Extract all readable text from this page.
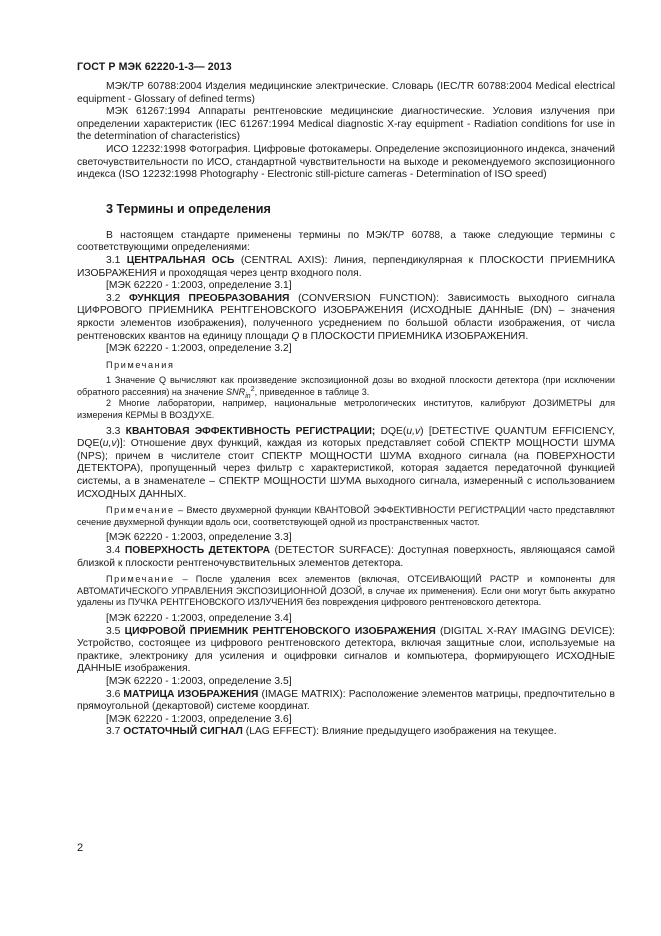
ГОСТ Р МЭК 62220-1-3— 2013

МЭК/ТР 60788:2004 Изделия медицинские электрические. Словарь (IEC/TR 60788:2004 Medical electrical equipment - Glossary of defined terms)

МЭК 61267:1994 Аппараты рентгеновские медицинские диагностические. Условия излучения при определении характеристик (IEC 61267:1994 Medical diagnostic X-ray equipment - Radiation conditions for use in the determination of characteristics)

ИСО 12232:1998 Фотография. Цифровые фотокамеры. Определение экспозиционного индекса, значений светочувствительности по ИСО, стандартной чувствительности на выходе и рекомендуемого экспозиционного индекса (ISO 12232:1998 Photography - Electronic still-picture cameras - Determination of ISO speed)

3 Термины и определения

В настоящем стандарте применены термины по МЭК/ТР 60788, а также следующие термины с соответствующими определениями:

3.1 ЦЕНТРАЛЬНАЯ ОСЬ (CENTRAL AXIS): Линия, перпендикулярная к ПЛОСКОСТИ ПРИЕМНИКА ИЗОБРАЖЕНИЯ и проходящая через центр входного поля.

[МЭК 62220 - 1:2003, определение 3.1]

3.2 ФУНКЦИЯ ПРЕОБРАЗОВАНИЯ (CONVERSION FUNCTION): Зависимость выходного сигнала ЦИФРОВОГО ПРИЕМНИКА РЕНТГЕНОВСКОГО ИЗОБРАЖЕНИЯ (ИСХОДНЫЕ ДАННЫЕ (DN) – значения яркости элементов изображения), полученного усреднением по большой области изображения, от числа рентгеновских квантов на единицу площади Q в ПЛОСКОСТИ ПРИЕМНИКА ИЗОБРАЖЕНИЯ.

[МЭК 62220 - 1:2003, определение 3.2]

Примечания

1 Значение Q вычисляют как произведение экспозиционной дозы во входной плоскости детектора (при исключении обратного рассеяния) на значение $SNR_{in}^2$, приведенное в таблице 3.

2 Многие лаборатории, например, национальные метрологических институтов, калибруют ДОЗИМЕТРЫ для измерения КЕРМЫ В ВОЗДУХЕ.

3.3 КВАНТОВАЯ ЭФФЕКТИВНОСТЬ РЕГИСТРАЦИИ; DQE(u,v) [DETECTIVE QUANTUM EFFICIENCY, DQE(u,v)]: Отношение двух функций, каждая из которых представляет собой СПЕКТР МОЩНОСТИ ШУМА (NPS); причем в числителе стоит СПЕКТР МОЩНОСТИ ШУМА входного сигнала (на ПОВЕРХНОСТИ ДЕТЕКТОРА), пропущенный через фильтр с характеристикой, которая задается передаточной функцией системы, а в знаменателе – СПЕКТР МОЩНОСТИ ШУМА выходного сигнала, измеренный с использованием ИСХОДНЫХ ДАННЫХ.

Примечание – Вместо двухмерной функции КВАНТОВОЙ ЭФФЕКТИВНОСТИ РЕГИСТРАЦИИ часто представляют сечение двухмерной функции вдоль оси, соответствующей одной из пространственных частот.

[МЭК 62220 - 1:2003, определение 3.3]

3.4 ПОВЕРХНОСТЬ ДЕТЕКТОРА (DETECTOR SURFACE): Доступная поверхность, являющаяся самой близкой к плоскости рентгеночувствительных элементов детектора.

Примечание – После удаления всех элементов (включая, ОТСЕИВАЮЩИЙ РАСТР и компоненты для АВТОМАТИЧЕСКОГО УПРАВЛЕНИЯ ЭКСПОЗИЦИОННОЙ ДОЗОЙ, в случае их применения). Если они могут быть аккуратно удалены из ПУЧКА РЕНТГЕНОВСКОГО ИЗЛУЧЕНИЯ без повреждения цифрового рентгеновского детектора.

[МЭК 62220 - 1:2003, определение 3.4]

3.5 ЦИФРОВОЙ ПРИЕМНИК РЕНТГЕНОВСКОГО ИЗОБРАЖЕНИЯ (DIGITAL X-RAY IMAGING DEVICE): Устройство, состоящее из цифрового рентгеновского детектора, включая защитные слои, используемые на практике, электронику для усиления и оцифровки сигналов и компьютера, формирующего ИСХОДНЫЕ ДАННЫЕ изображения.

[МЭК 62220 - 1:2003, определение 3.5]

3.6 МАТРИЦА ИЗОБРАЖЕНИЯ (IMAGE MATRIX): Расположение элементов матрицы, предпочтительно в прямоугольной (декартовой) системе координат.

[МЭК 62220 - 1:2003, определение 3.6]

3.7 ОСТАТОЧНЫЙ СИГНАЛ (LAG EFFECT): Влияние предыдущего изображения на текущее.

2
